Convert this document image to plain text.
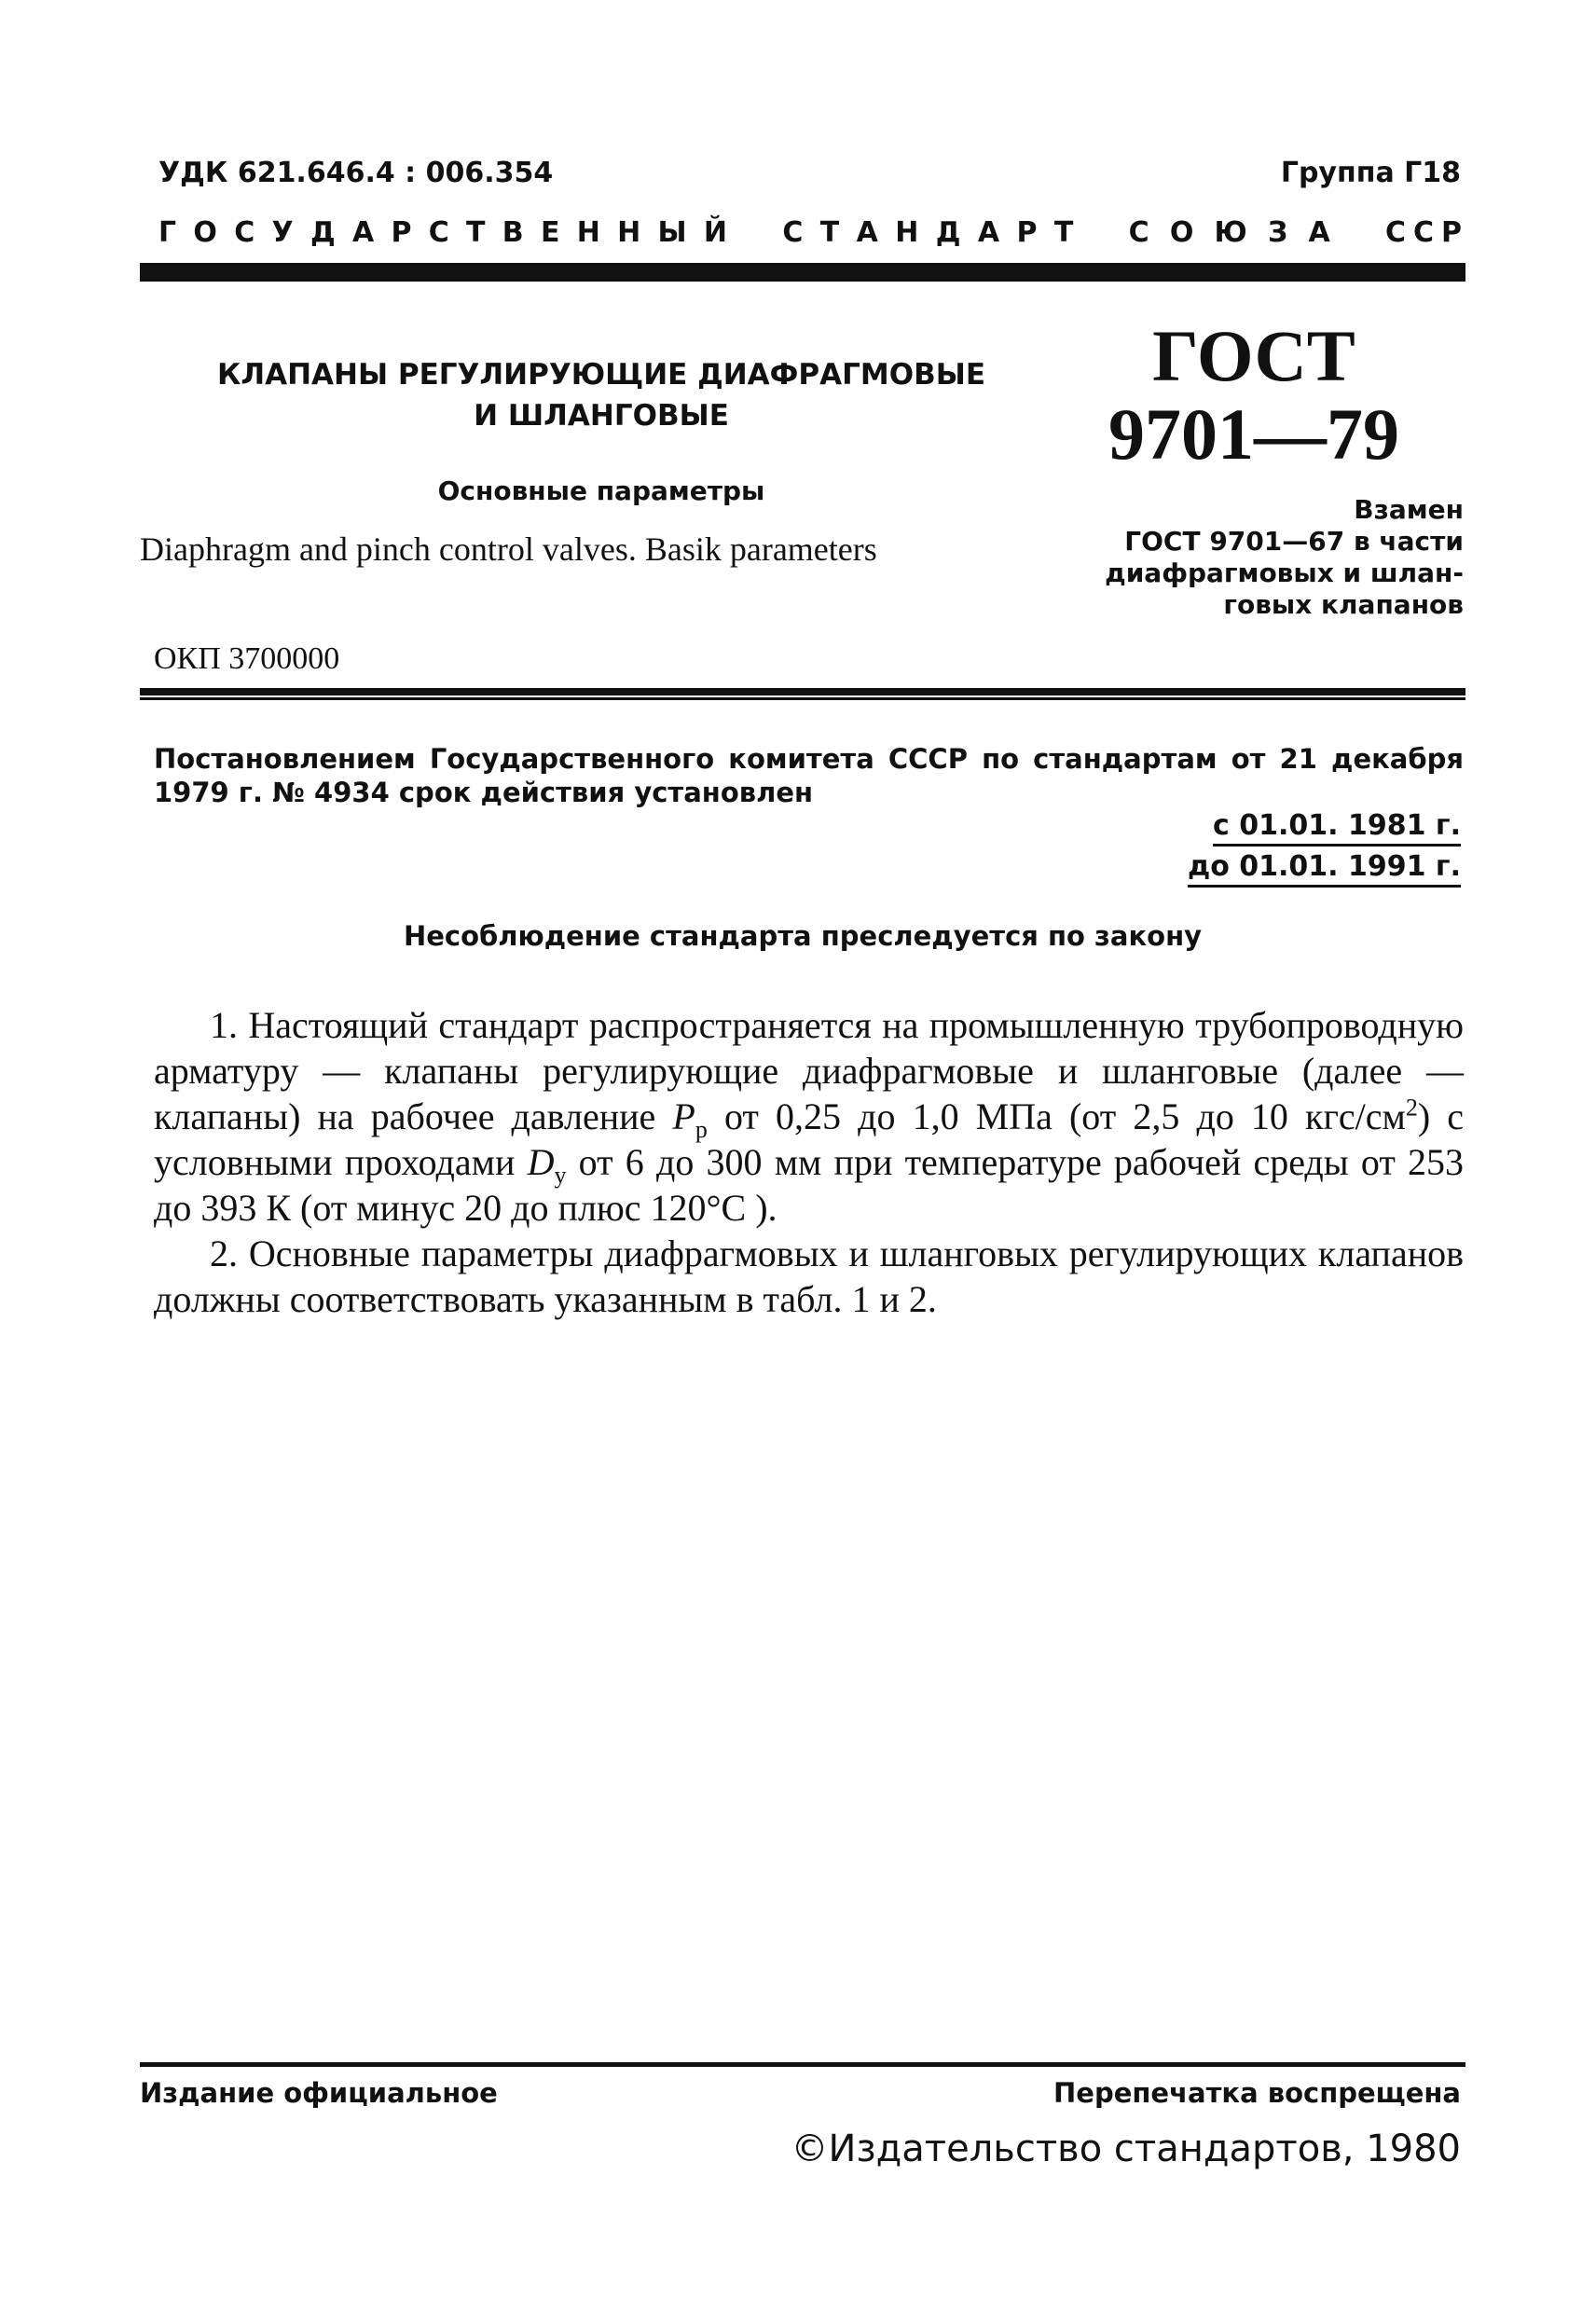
УДК 621.646.4 : 006.354	Группа Г18
Г О С У Д А Р С Т В Е Н Н Ы Й С Т А Н Д А Р Т С О Ю З А С С Р
КЛАПАНЫ РЕГУЛИРУЮЩИЕ ДИАФРАГМОВЫЕ
И ШЛАНГОВЫЕ
Основные параметры
Diaphragm and pinch control valves. Basik parameters
ГОСТ
9701—79
Взамен
ГОСТ 9701—67 в части
диафрагмовых и шлан-
говых клапанов
ОКП 3700000
Постановлением Государственного комитета СССР по стандартам от 21 декабря 1979 г. № 4934 срок действия установлен
с 01.01. 1981 г.
до 01.01. 1991 г.
Несоблюдение стандарта преследуется по закону

1. Настоящий стандарт распространяется на промышленную трубопроводную арматуру — клапаны регулирующие диафрагмовые и шланговые (далее — клапаны) на рабочее давление $P_р$ от 0,25 до 1,0 МПа (от 2,5 до 10 кгс/$см^2$) с условными проходами $D_у$ от 6 до 300 мм при температуре рабочей среды от 253 до 393 К (от минус 20 до плюс 120°С ).

2. Основные параметры диафрагмовых и шланговых регулирующих клапанов должны соответствовать указанным в табл. 1 и 2.

Издание официальное	Перепечатка воспрещена
©Издательство стандартов, 1980
